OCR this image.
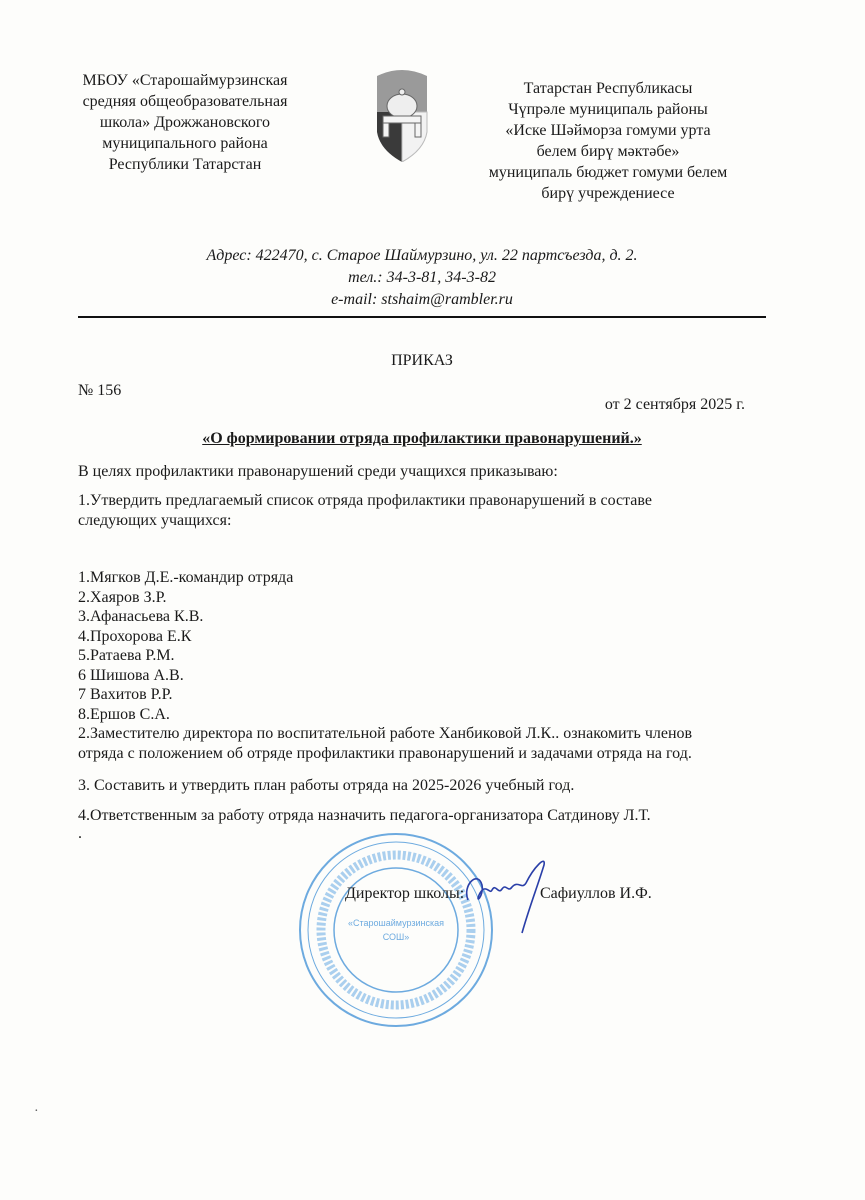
МБОУ «Старошаймурзинская
средняя общеобразовательная
школа» Дрожжановского
муниципального района
Республики Татарстан
Татарстан Республикасы
Чүпрәле муниципаль районы
«Иске Шәйморза гомуми урта
белем бирү мәктәбе»
муниципаль бюджет гомуми белем
бирү учреждениесе
Адрес: 422470, с. Старое Шаймурзино, ул. 22 партсъезда, д. 2.
тел.: 34-3-81, 34-3-82
e-mail: stshaim@rambler.ru
ПРИКАЗ
№ 156
от 2 сентября 2025 г.
«О формировании отряда профилактики правонарушений.»
В целях профилактики правонарушений среди учащихся приказываю:
1.Утвердить предлагаемый список отряда профилактики правонарушений в составе
следующих учащихся:
1.Мягков Д.Е.-командир отряда
2.Хаяров З.Р.
3.Афанасьева К.В.
4.Прохорова Е.К
5.Ратаева Р.М.
6 Шишова А.В.
7 Вахитов Р.Р.
8.Ершов С.А.
2.Заместителю директора по воспитательной работе Ханбиковой Л.К.. ознакомить членов
отряда с положением об отряде профилактики правонарушений и задачами отряда на год.
3. Составить и утвердить план работы отряда на 2025-2026 учебный год.
4.Ответственным за работу отряда назначить педагога-организатора Сатдинову Л.Т.
.
«Старошаймурзинская
СОШ»
Директор школы:	Сафиуллов И.Ф.
·
